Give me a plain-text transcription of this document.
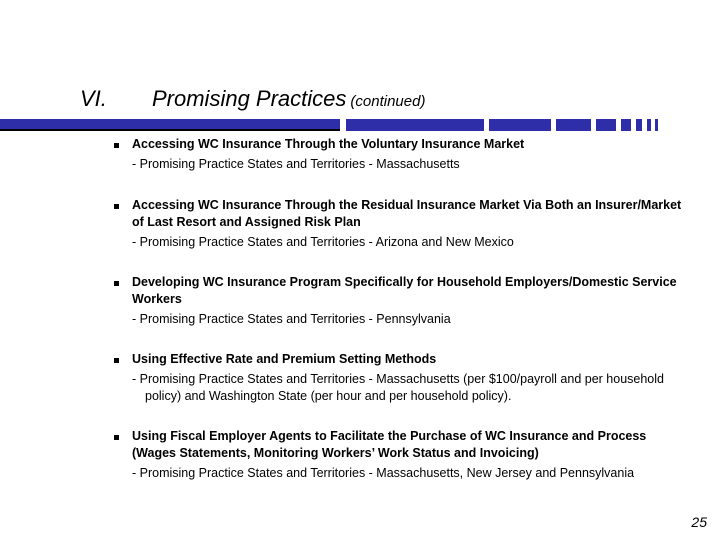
VI. Promising Practices (continued)
Accessing WC Insurance Through the Voluntary Insurance Market
- Promising Practice States and Territories - Massachusetts
Accessing WC Insurance Through the Residual Insurance Market Via Both an Insurer/Market of Last Resort and Assigned Risk Plan
- Promising Practice States and Territories - Arizona and New Mexico
Developing WC Insurance Program Specifically for Household Employers/Domestic Service Workers
- Promising Practice States and Territories - Pennsylvania
Using Effective Rate and Premium Setting Methods
- Promising Practice States and Territories - Massachusetts (per $100/payroll and per household policy) and Washington State (per hour and per household policy).
Using Fiscal Employer Agents to Facilitate the Purchase of WC Insurance and Process (Wages Statements, Monitoring Workers’ Work Status and Invoicing)
- Promising Practice States and Territories - Massachusetts, New Jersey and Pennsylvania
25
